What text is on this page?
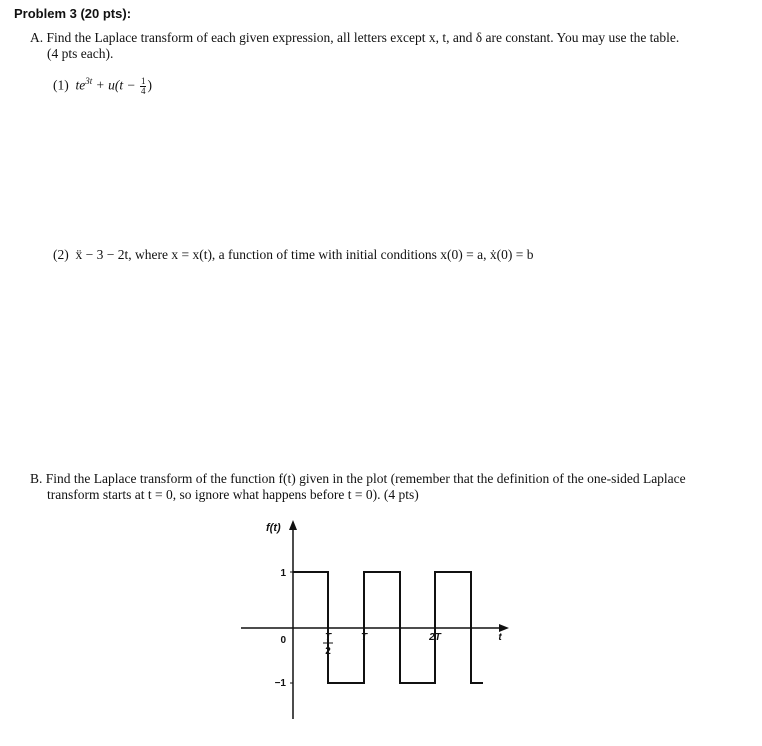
Problem 3 (20 pts):
A. Find the Laplace transform of each given expression, all letters except x, t, and δ are constant. You may use the table.
(4 pts each).
(1) $te^{3t} + u(t - \frac{1}{4}$ )
(2) ẍ − 3 − 2t, where x = x(t), a function of time with initial conditions x(0) = a, ẋ(0) = b
B. Find the Laplace transform of the function f(t) given in the plot (remember that the definition of the one-sided Laplace
transform starts at t = 0, so ignore what happens before t = 0). (4 pts)
f(t)
1
0
−1
T
2
T	2T	t
